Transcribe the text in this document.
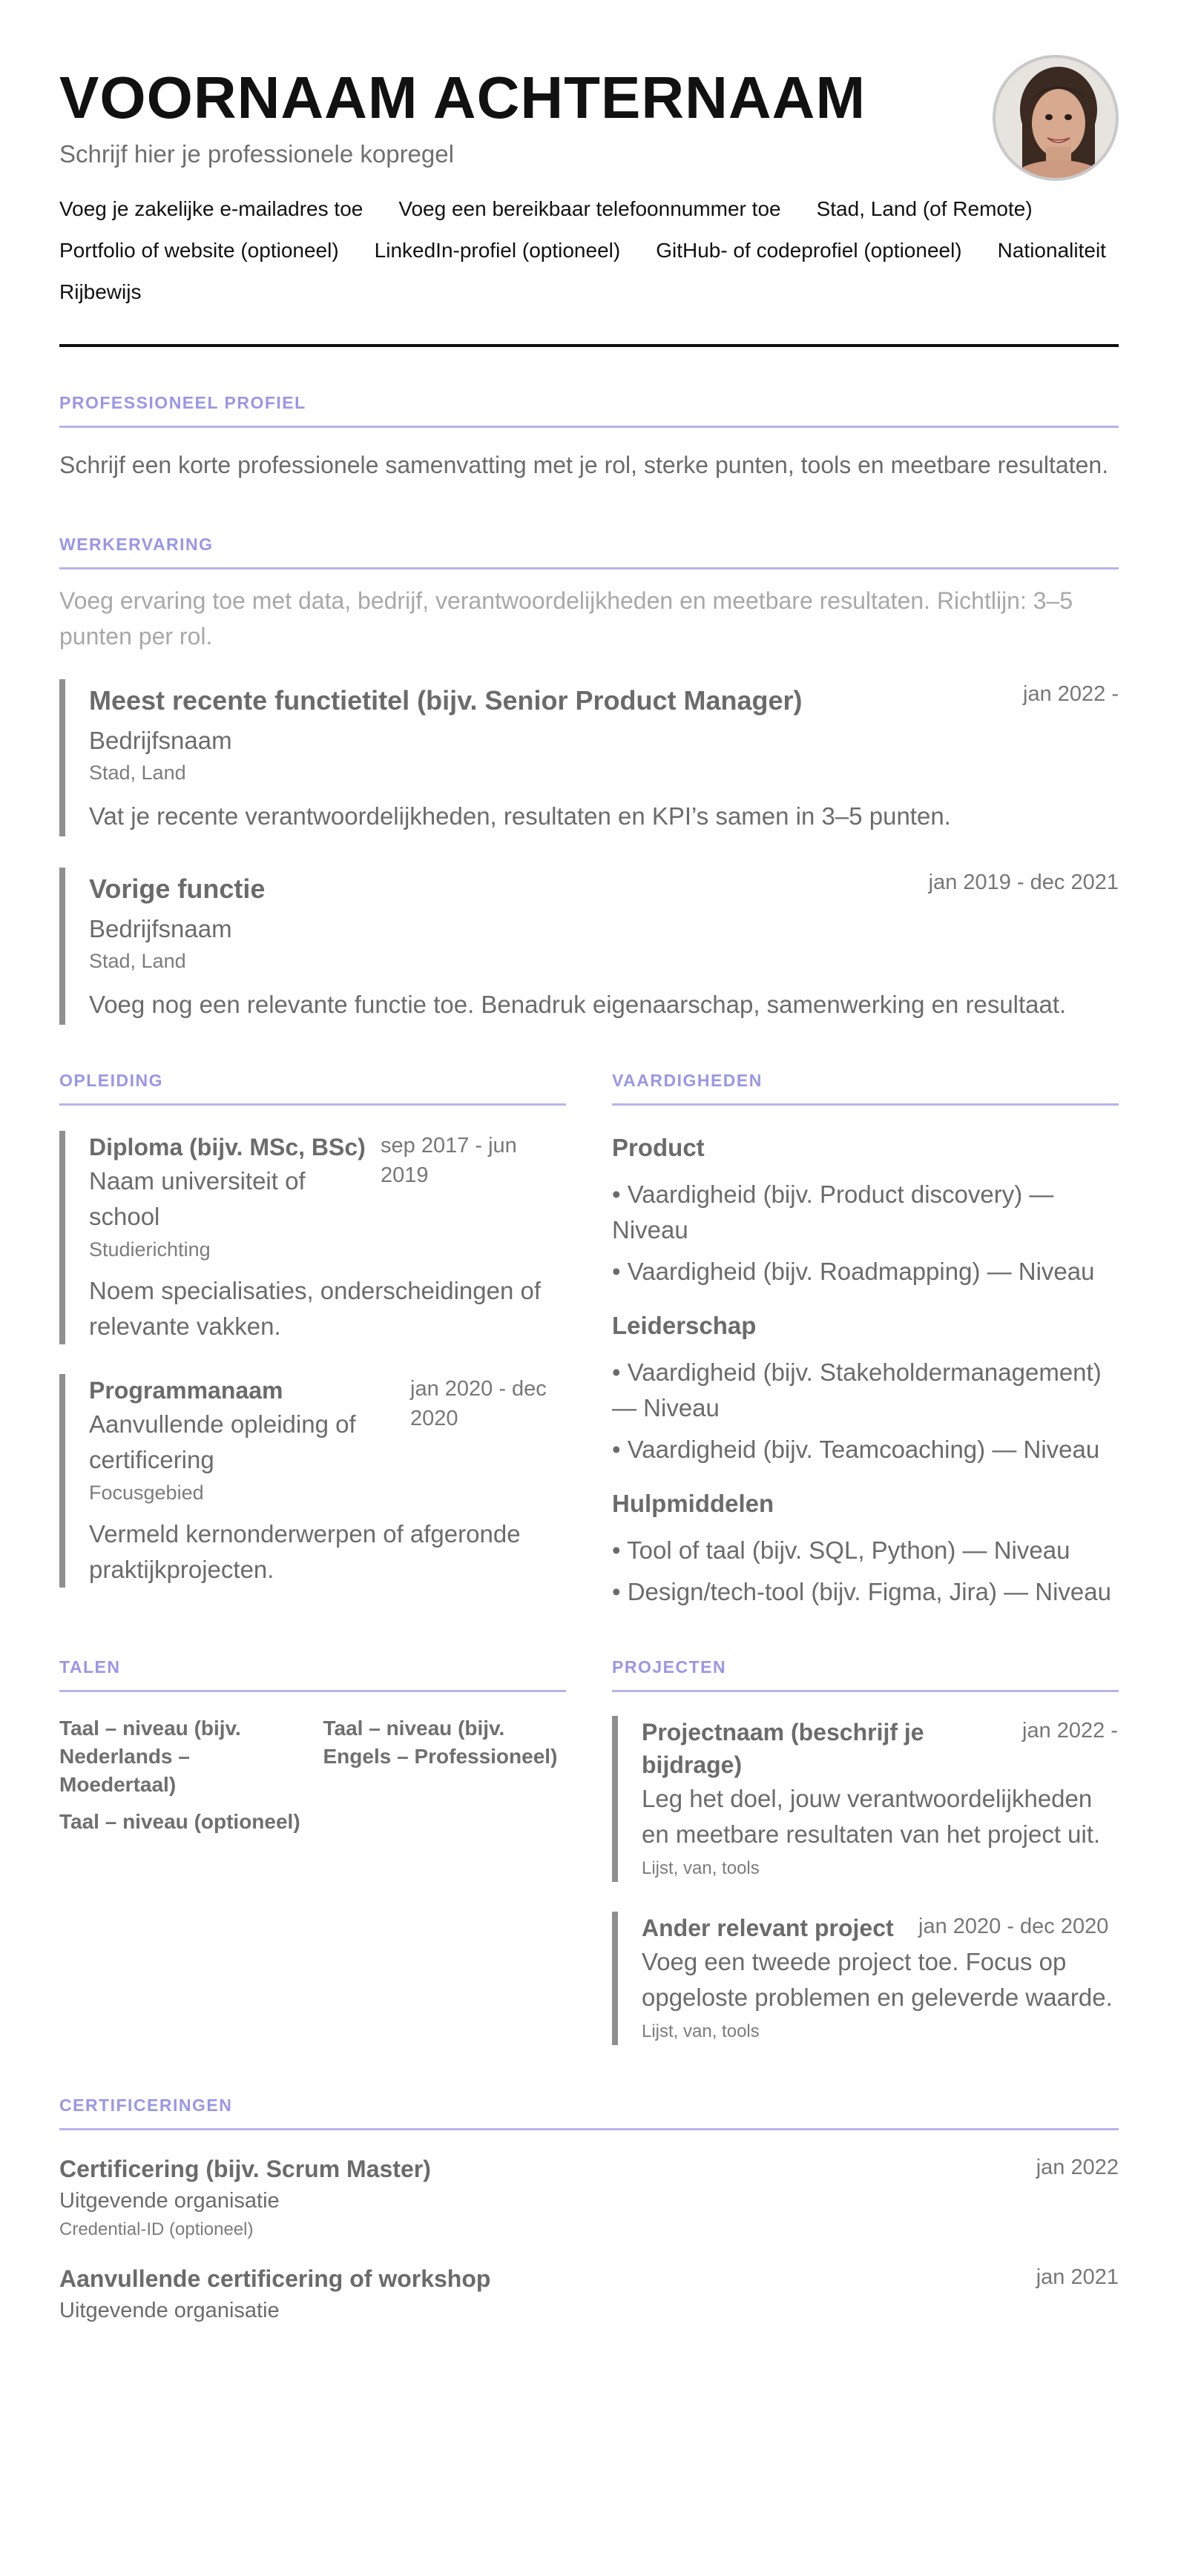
VOORNAAM ACHTERNAAM
Schrijf hier je professionele kopregel
Voeg je zakelijke e-mailadres toe Voeg een bereikbaar telefoonnummer toe Stad, Land (of Remote)
Portfolio of website (optioneel) LinkedIn-profiel (optioneel) GitHub- of codeprofiel (optioneel) Nationaliteit
Rijbewijs
PROFESSIONEEL PROFIEL
Schrijf een korte professionele samenvatting met je rol, sterke punten, tools en meetbare resultaten.
WERKERVARING
Voeg ervaring toe met data, bedrijf, verantwoordelijkheden en meetbare resultaten. Richtlijn: 3–5 punten per rol.
Meest recente functietitel (bijv. Senior Product Manager)	jan 2022 -
Bedrijfsnaam
Stad, Land
Vat je recente verantwoordelijkheden, resultaten en KPI’s samen in 3–5 punten.
Vorige functie	jan 2019 - dec 2021
Bedrijfsnaam
Stad, Land
Voeg nog een relevante functie toe. Benadruk eigenaarschap, samenwerking en resultaat.
OPLEIDING
Diploma (bijv. MSc, BSc) sep 2017 - jun 2019
Naam universiteit of school
Studierichting
Noem specialisaties, onderscheidingen of relevante vakken.
Programmanaam	jan 2020 - dec 2020
Aanvullende opleiding of certificering
Focusgebied
Vermeld kernonderwerpen of afgeronde praktijkprojecten.
VAARDIGHEDEN
Product
• Vaardigheid (bijv. Product discovery) — Niveau
• Vaardigheid (bijv. Roadmapping) — Niveau
Leiderschap
• Vaardigheid (bijv. Stakeholdermanagement) — Niveau
• Vaardigheid (bijv. Teamcoaching) — Niveau
Hulpmiddelen
• Tool of taal (bijv. SQL, Python) — Niveau
• Design/tech-tool (bijv. Figma, Jira) — Niveau
TALEN
Taal – niveau (bijv. Nederlands – Moedertaal)
Taal – niveau (bijv. Engels – Professioneel)
Taal – niveau (optioneel)
PROJECTEN
Projectnaam (beschrijf je bijdrage)
jan 2022 -
Leg het doel, jouw verantwoordelijkheden en meetbare resultaten van het project uit.
Lijst, van, tools
Ander relevant project	jan 2020 - dec 2020
Voeg een tweede project toe. Focus op opgeloste problemen en geleverde waarde.
Lijst, van, tools
CERTIFICERINGEN
Certificering (bijv. Scrum Master)	jan 2022
Uitgevende organisatie
Credential-ID (optioneel)
Aanvullende certificering of workshop	jan 2021
Uitgevende organisatie
